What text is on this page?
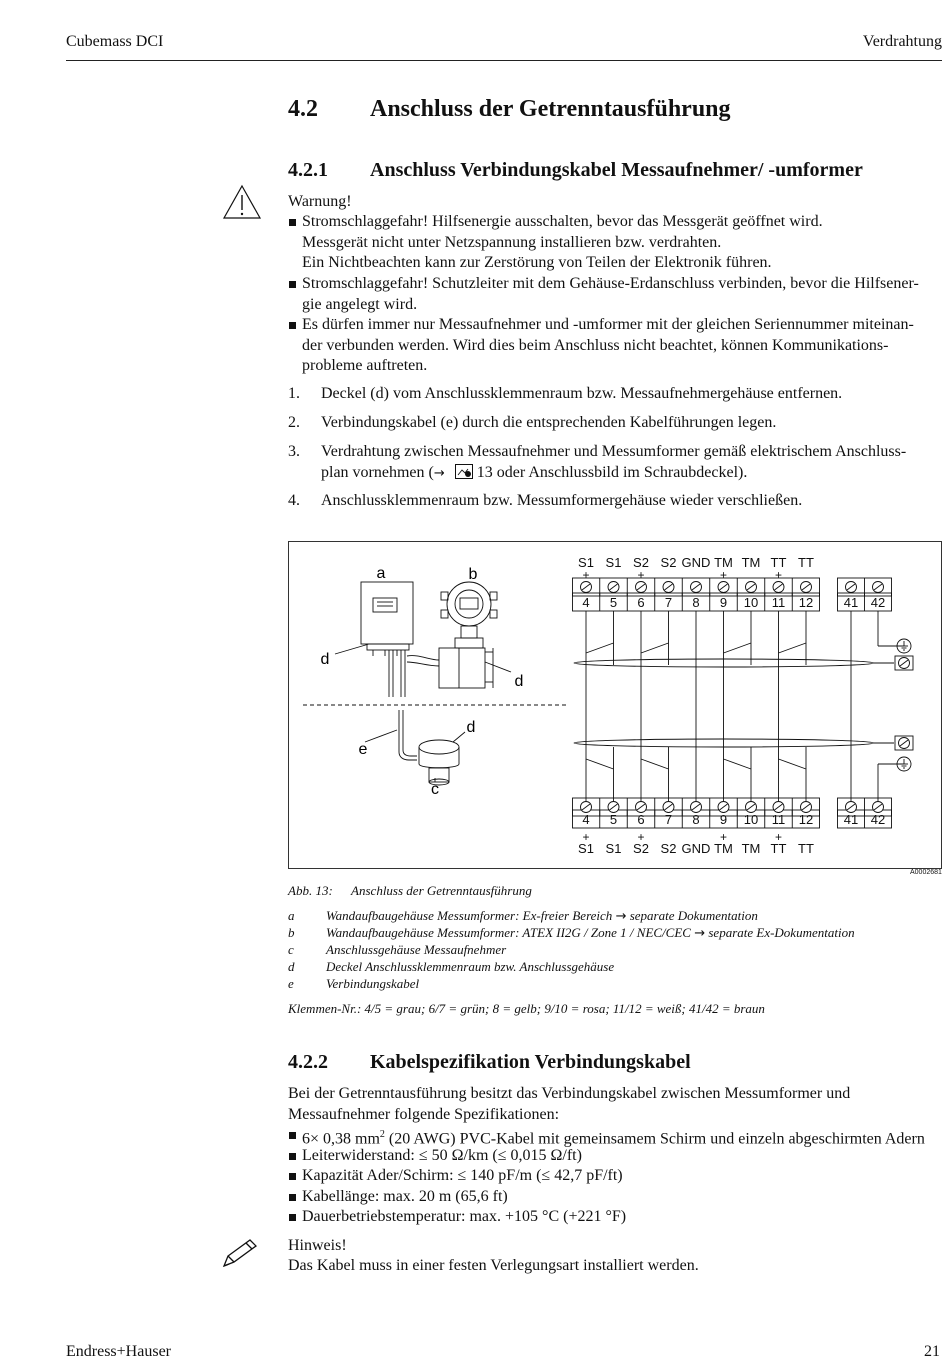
Cubemass DCI	Verdrahtung
4.2 Anschluss der Getrenntausführung
4.2.1 Anschluss Verbindungskabel Messaufnehmer/ -umformer
Warnung!
Stromschlaggefahr! Hilfsenergie ausschalten, bevor das Messgerät geöffnet wird.
Messgerät nicht unter Netzspannung installieren bzw. verdrahten.
Ein Nichtbeachten kann zur Zerstörung von Teilen der Elektronik führen.
Stromschlaggefahr! Schutzleiter mit dem Gehäuse-Erdanschluss verbinden, bevor die Hilfsener-
gie angelegt wird.
Es dürfen immer nur Messaufnehmer und -umformer mit der gleichen Seriennummer miteinan-
der verbunden werden. Wird dies beim Anschluss nicht beachtet, können Kommunikations-
probleme auftreten.
1. Deckel (d) vom Anschlussklemmenraum bzw. Messaufnehmergehäuse entfernen.
2. Verbindungskabel (e) durch die entsprechenden Kabelführungen legen.
3. Verdrahtung zwischen Messaufnehmer und Messumformer gemäß elektrischem Anschluss-
plan vornehmen (→  13 oder Anschlussbild im Schraubdeckel).
4. Anschlussklemmenraum bzw. Messumformergehäuse wieder verschließen.
a	b
d
d
d
e
c
S1 S1 S2 S2 GND TM TM TT TT
+	+	+	+
4 5 6 7 8 9 10 11 12 41 42
4 5 6 7 8 9 10 11 12 41 42
+	+	+	+
S1 S1 S2 S2 GND TM TM TT TT
A0002681
Abb. 13: Anschluss der Getrenntausführung
a Wandaufbaugehäuse Messumformer: Ex-freier Bereich → separate Dokumentation
b Wandaufbaugehäuse Messumformer: ATEX II2G / Zone 1 / NEC/CEC → separate Ex-Dokumentation
c Anschlussgehäuse Messaufnehmer
d Deckel Anschlussklemmenraum bzw. Anschlussgehäuse
e Verbindungskabel
Klemmen-Nr.: 4/5 = grau; 6/7 = grün; 8 = gelb; 9/10 = rosa; 11/12 = weiß; 41/42 = braun
4.2.2 Kabelspezifikation Verbindungskabel
Bei der Getrenntausführung besitzt das Verbindungskabel zwischen Messumformer und
Messaufnehmer folgende Spezifikationen:
6× 0,38 $mm^2$ (20 AWG) PVC-Kabel mit gemeinsamem Schirm und einzeln abgeschirmten Adern
Leiterwiderstand: ≤ 50 Ω/km (≤ 0,015 Ω/ft)
Kapazität Ader/Schirm: ≤ 140 pF/m (≤ 42,7 pF/ft)
Kabellänge: max. 20 m (65,6 ft)
Dauerbetriebstemperatur: max. +105 °C (+221 °F)
Hinweis!
Das Kabel muss in einer festen Verlegungsart installiert werden.
Endress+Hauser	21
